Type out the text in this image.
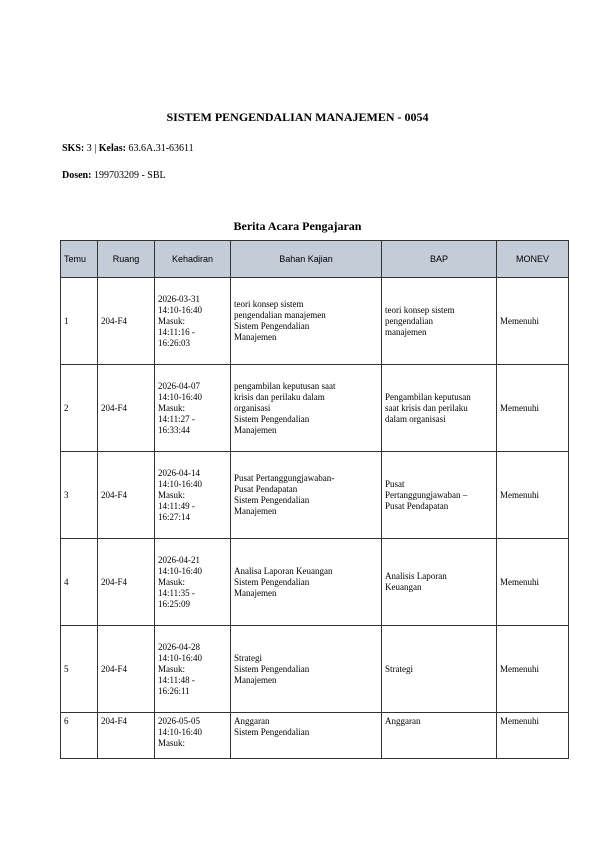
SISTEM PENGENDALIAN MANAJEMEN - 0054

SKS: 3 | Kelas: 63.6A.31-63611

Dosen: 199703209 - SBL

Berita Acara Pengajaran
Temu	Ruang	Kehadiran	Bahan Kajian	BAP	MONEV
1	204-F4	2026-03-31
14:10-16:40
Masuk:
14:11:16 -
16:26:03	teori konsep sistem
pengendalian manajemen
Sistem Pengendalian
Manajemen	teori konsep sistem
pengendalian
manajemen	Memenuhi
2	204-F4	2026-04-07
14:10-16:40
Masuk:
14:11:27 -
16:33:44	pengambilan keputusan saat
krisis dan perilaku dalam
organisasi
Sistem Pengendalian
Manajemen	Pengambilan keputusan
saat krisis dan perilaku
dalam organisasi	Memenuhi
3	204-F4	2026-04-14
14:10-16:40
Masuk:
14:11:49 -
16:27:14	Pusat Pertanggungjawaban-
Pusat Pendapatan
Sistem Pengendalian
Manajemen	Pusat
Pertanggungjawaban –
Pusat Pendapatan	Memenuhi
4	204-F4	2026-04-21
14:10-16:40
Masuk:
14:11:35 -
16:25:09	Analisa Laporan Keuangan
Sistem Pengendalian
Manajemen	Analisis Laporan
Keuangan	Memenuhi
5	204-F4	2026-04-28
14:10-16:40
Masuk:
14:11:48 -
16:26:11	Strategi
Sistem Pengendalian
Manajemen	Strategi	Memenuhi
6	204-F4	2026-05-05
14:10-16:40
Masuk:	Anggaran
Sistem Pengendalian	Anggaran	Memenuhi
